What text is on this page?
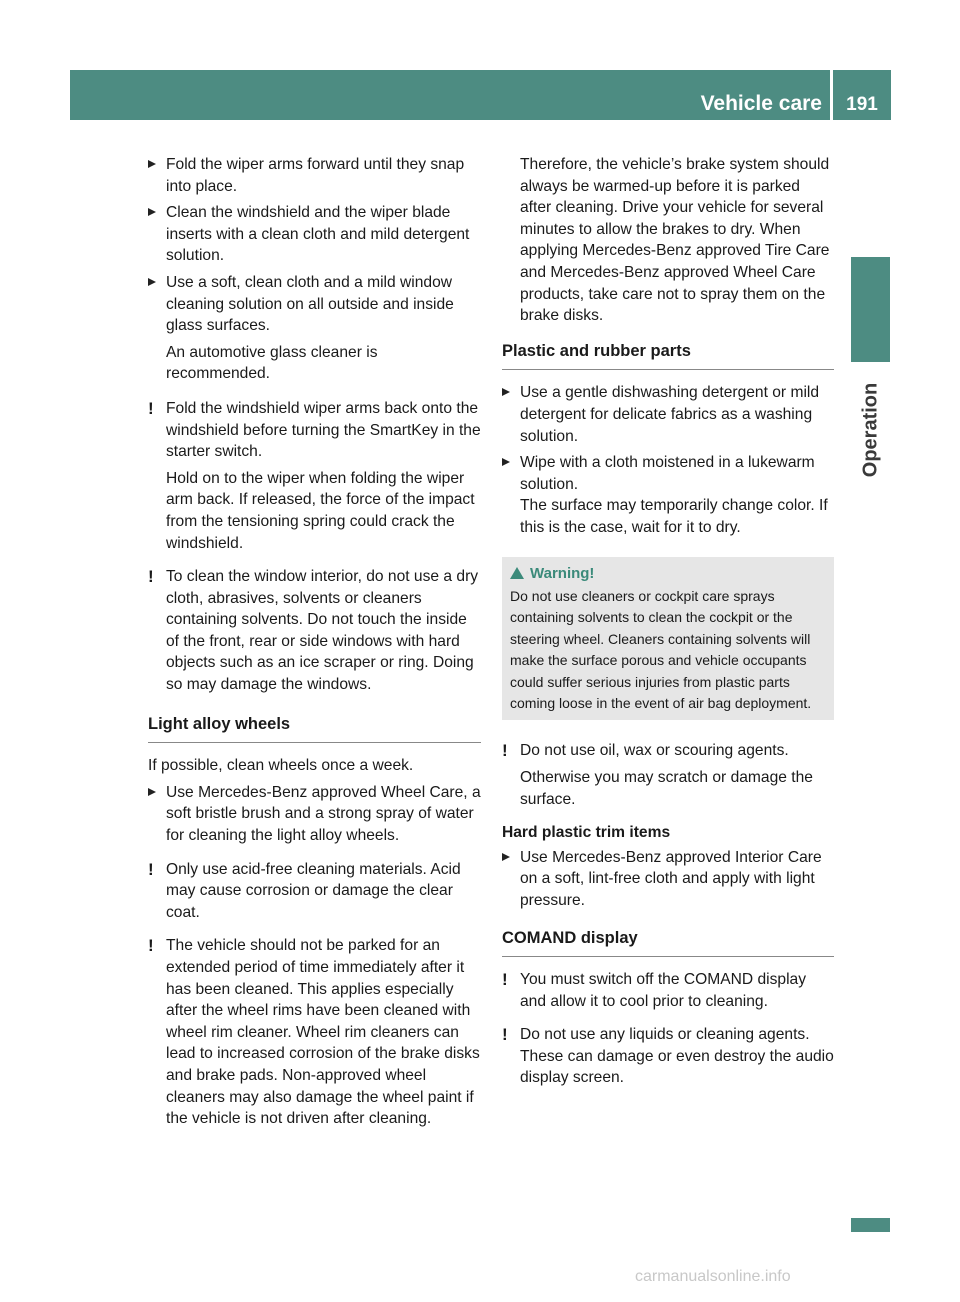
Vehicle care	191
Operation
Fold the wiper arms forward until they snap into place.
Clean the windshield and the wiper blade inserts with a clean cloth and mild detergent solution.
Use a soft, clean cloth and a mild window cleaning solution on all outside and inside glass surfaces.
An automotive glass cleaner is recommended.
! Fold the windshield wiper arms back onto the windshield before turning the SmartKey in the starter switch.

Hold on to the wiper when folding the wiper arm back. If released, the force of the impact from the tensioning spring could crack the windshield.

! To clean the window interior, do not use a dry cloth, abrasives, solvents or cleaners containing solvents. Do not touch the inside of the front, rear or side windows with hard objects such as an ice scraper or ring. Doing so may damage the windows.

Light alloy wheels
If possible, clean wheels once a week.
Use Mercedes-Benz approved Wheel Care, a soft bristle brush and a strong spray of water for cleaning the light alloy wheels.
! Only use acid-free cleaning materials. Acid may cause corrosion or damage the clear coat.

! The vehicle should not be parked for an extended period of time immediately after it has been cleaned. This applies especially after the wheel rims have been cleaned with wheel rim cleaner. Wheel rim cleaners can lead to increased corrosion of the brake disks and brake pads. Non-approved wheel cleaners may also damage the wheel paint if the vehicle is not driven after cleaning.

Therefore, the vehicle’s brake system should always be warmed-up before it is parked after cleaning. Drive your vehicle for several minutes to allow the brakes to dry. When applying Mercedes-Benz approved Tire Care and Mercedes-Benz approved Wheel Care products, take care not to spray them on the brake disks.
Plastic and rubber parts
Use a gentle dishwashing detergent or mild detergent for delicate fabrics as a washing solution.
Wipe with a cloth moistened in a lukewarm solution.
The surface may temporarily change color. If this is the case, wait for it to dry.
Warning!
Do not use cleaners or cockpit care sprays containing solvents to clean the cockpit or the steering wheel. Cleaners containing solvents will make the surface porous and vehicle occupants could suffer serious injuries from plastic parts coming loose in the event of air bag deployment.
! Do not use oil, wax or scouring agents.

Otherwise you may scratch or damage the surface.

Hard plastic trim items
Use Mercedes-Benz approved Interior Care on a soft, lint-free cloth and apply with light pressure.
COMAND display
! You must switch off the COMAND display and allow it to cool prior to cleaning.

! Do not use any liquids or cleaning agents. These can damage or even destroy the audio display screen.

carmanualsonline.info
